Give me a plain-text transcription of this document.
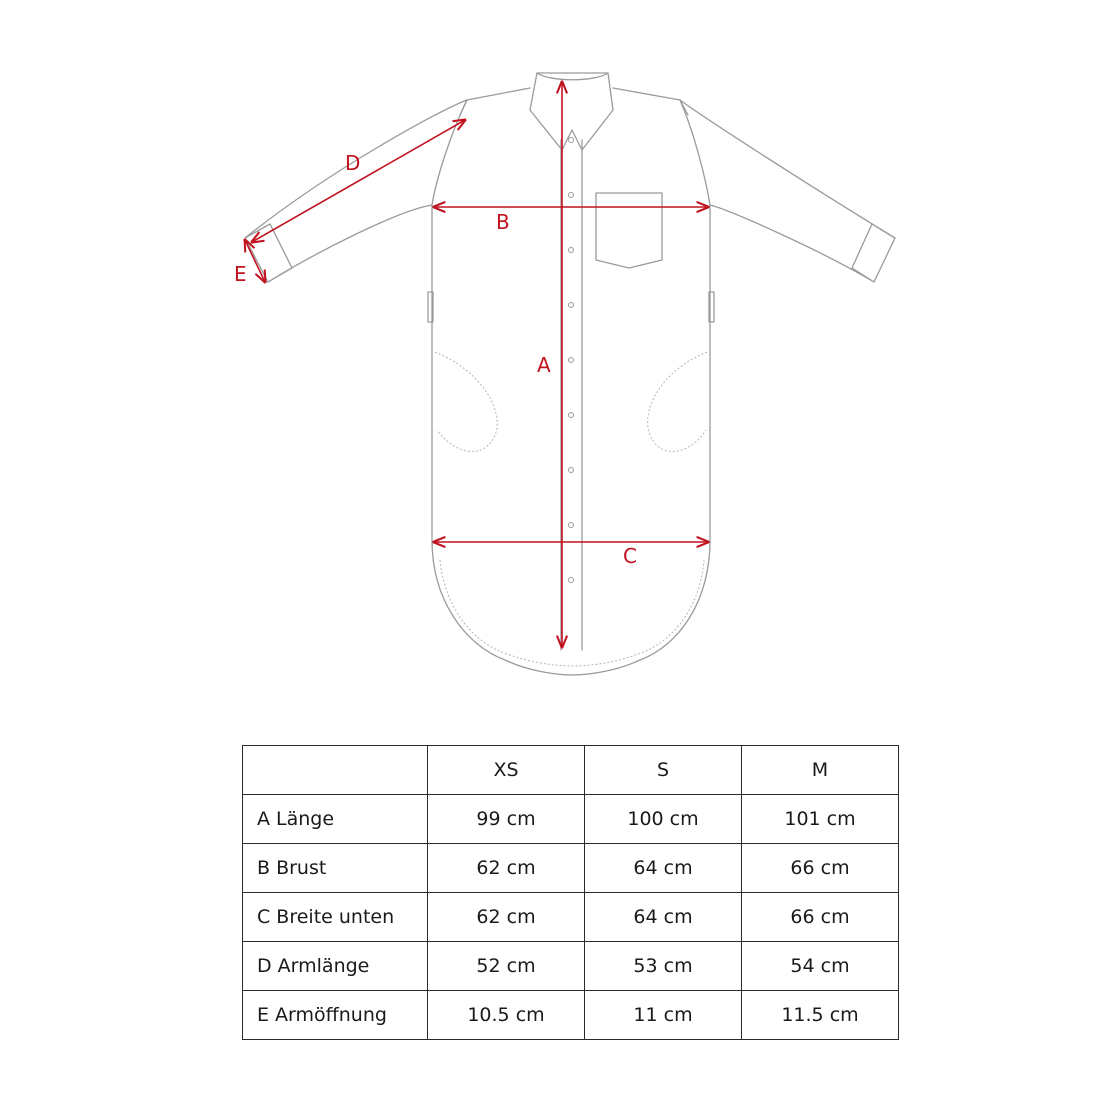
A
B
C
D
E
	XS	S	M
A Länge	99 cm	100 cm	101 cm
B Brust	62 cm	64 cm	66 cm
C Breite unten	62 cm	64 cm	66 cm
D Armlänge	52 cm	53 cm	54 cm
E Armöffnung	10.5 cm	11 cm	11.5 cm
